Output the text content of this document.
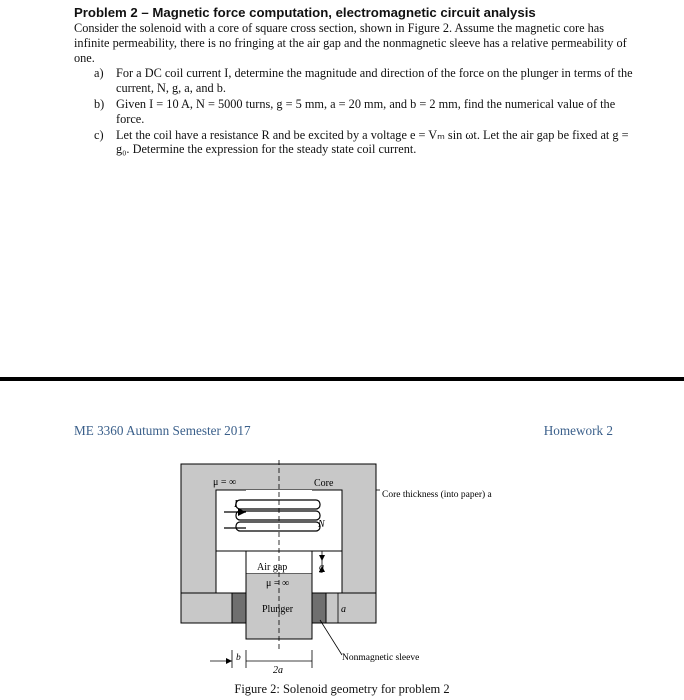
Problem 2 – Magnetic force computation, electromagnetic circuit analysis
Consider the solenoid with a core of square cross section, shown in Figure 2. Assume the magnetic core has infinite permeability, there is no fringing at the air gap and the nonmagnetic sleeve has a relative permeability of one.
a) For a DC coil current I, determine the magnitude and direction of the force on the plunger in terms of the current, N, g, a, and b.
b) Given I = 10 A, N = 5000 turns, g = 5 mm, a = 20 mm, and b = 2 mm, find the numerical value of the force.
c) Let the coil have a resistance R and be excited by a voltage e = Vₘ sin ωt. Let the air gap be fixed at g = g₀. Determine the expression for the steady state coil current.
ME 3360 Autumn Semester 2017	Homework 2
μ = ∞	Core
Core thickness (into paper) a
I
N
Air gap
μ = ∞
g
Plunger	a
Nonmagnetic sleeve
b
2a
Figure 2: Solenoid geometry for problem 2
